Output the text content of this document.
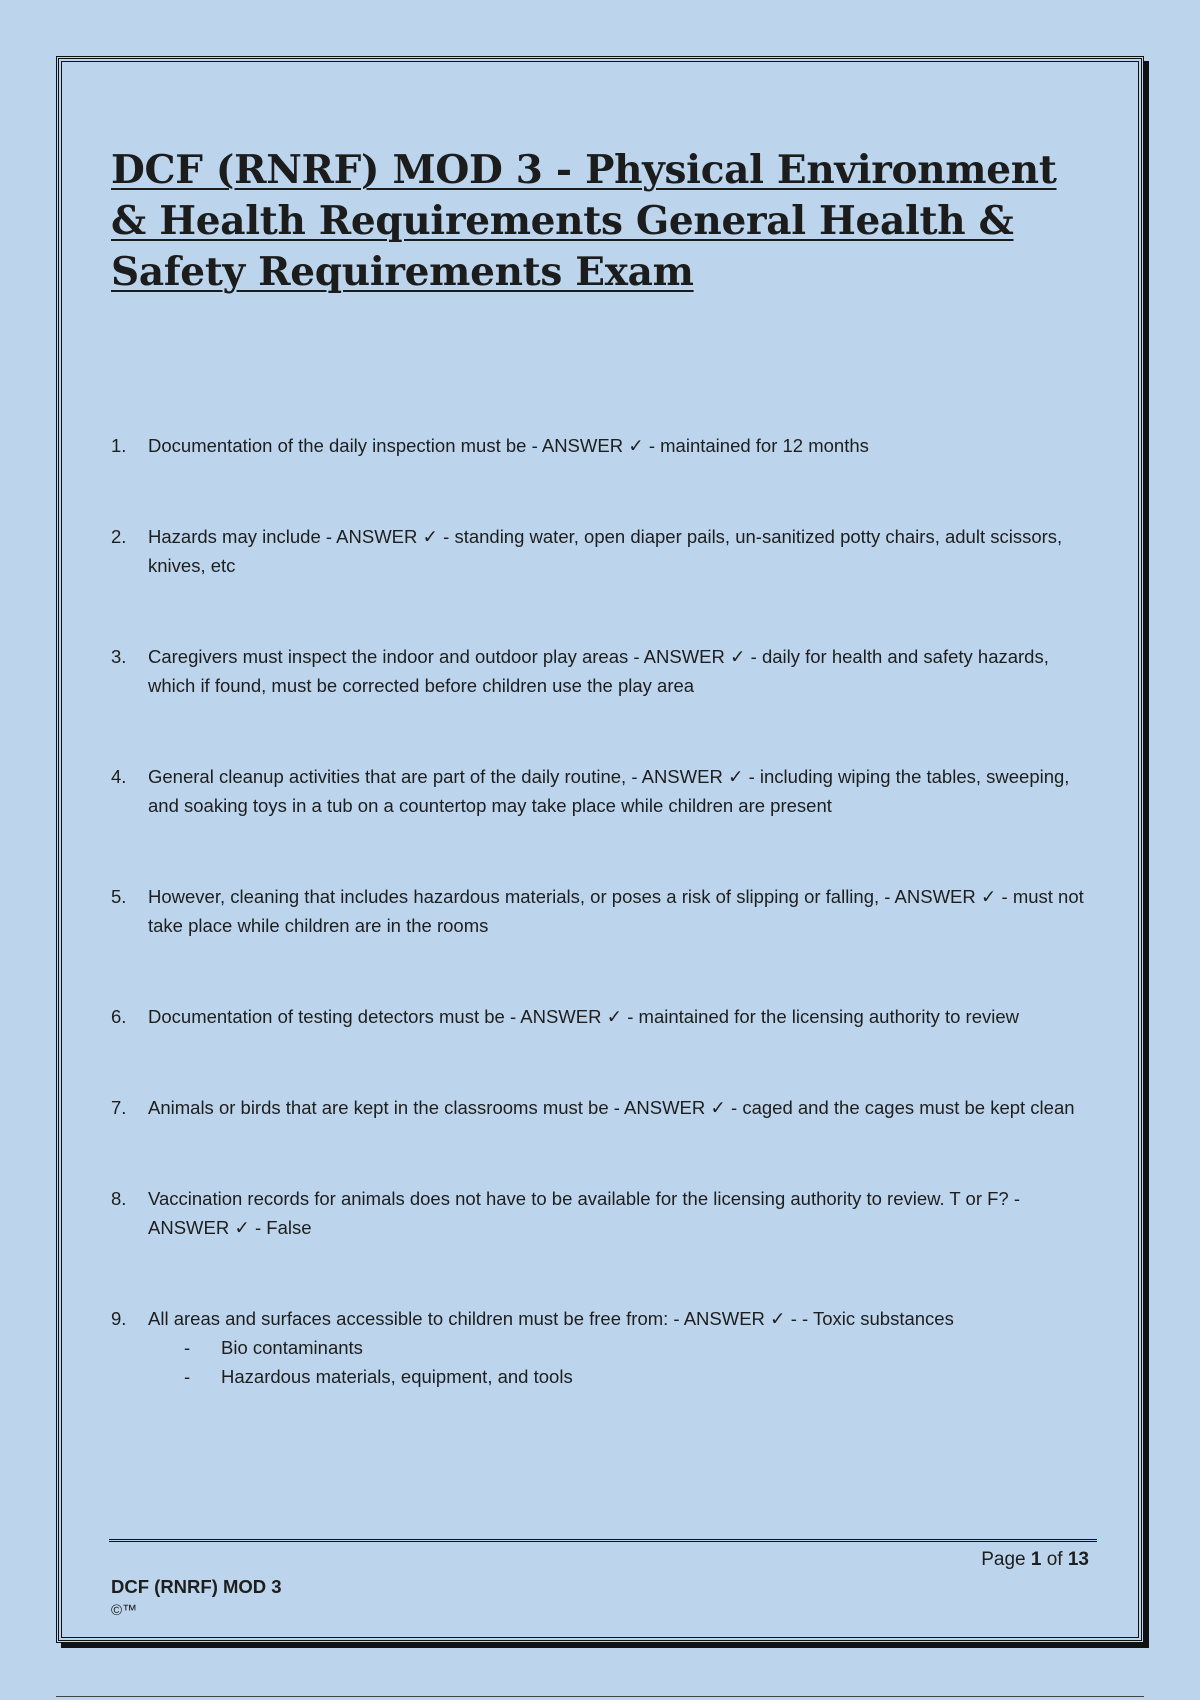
DCF (RNRF) MOD 3 - Physical Environment & Health Requirements General Health & Safety Requirements Exam
1. Documentation of the daily inspection must be - ANSWER ✓ - maintained for 12 months
2. Hazards may include - ANSWER ✓ - standing water, open diaper pails, un-sanitized potty chairs, adult scissors, knives, etc
3. Caregivers must inspect the indoor and outdoor play areas - ANSWER ✓ - daily for health and safety hazards, which if found, must be corrected before children use the play area
4. General cleanup activities that are part of the daily routine, - ANSWER ✓ - including wiping the tables, sweeping, and soaking toys in a tub on a countertop may take place while children are present
5. However, cleaning that includes hazardous materials, or poses a risk of slipping or falling, - ANSWER ✓ - must not take place while children are in the rooms
6. Documentation of testing detectors must be - ANSWER ✓ - maintained for the licensing authority to review
7. Animals or birds that are kept in the classrooms must be - ANSWER ✓ - caged and the cages must be kept clean
8. Vaccination records for animals does not have to be available for the licensing authority to review. T or F? - ANSWER ✓ - False
9. All areas and surfaces accessible to children must be free from: - ANSWER ✓ - - Toxic substances
- Bio contaminants
- Hazardous materials, equipment, and tools
Page 1 of 13
DCF (RNRF) MOD 3
©™
